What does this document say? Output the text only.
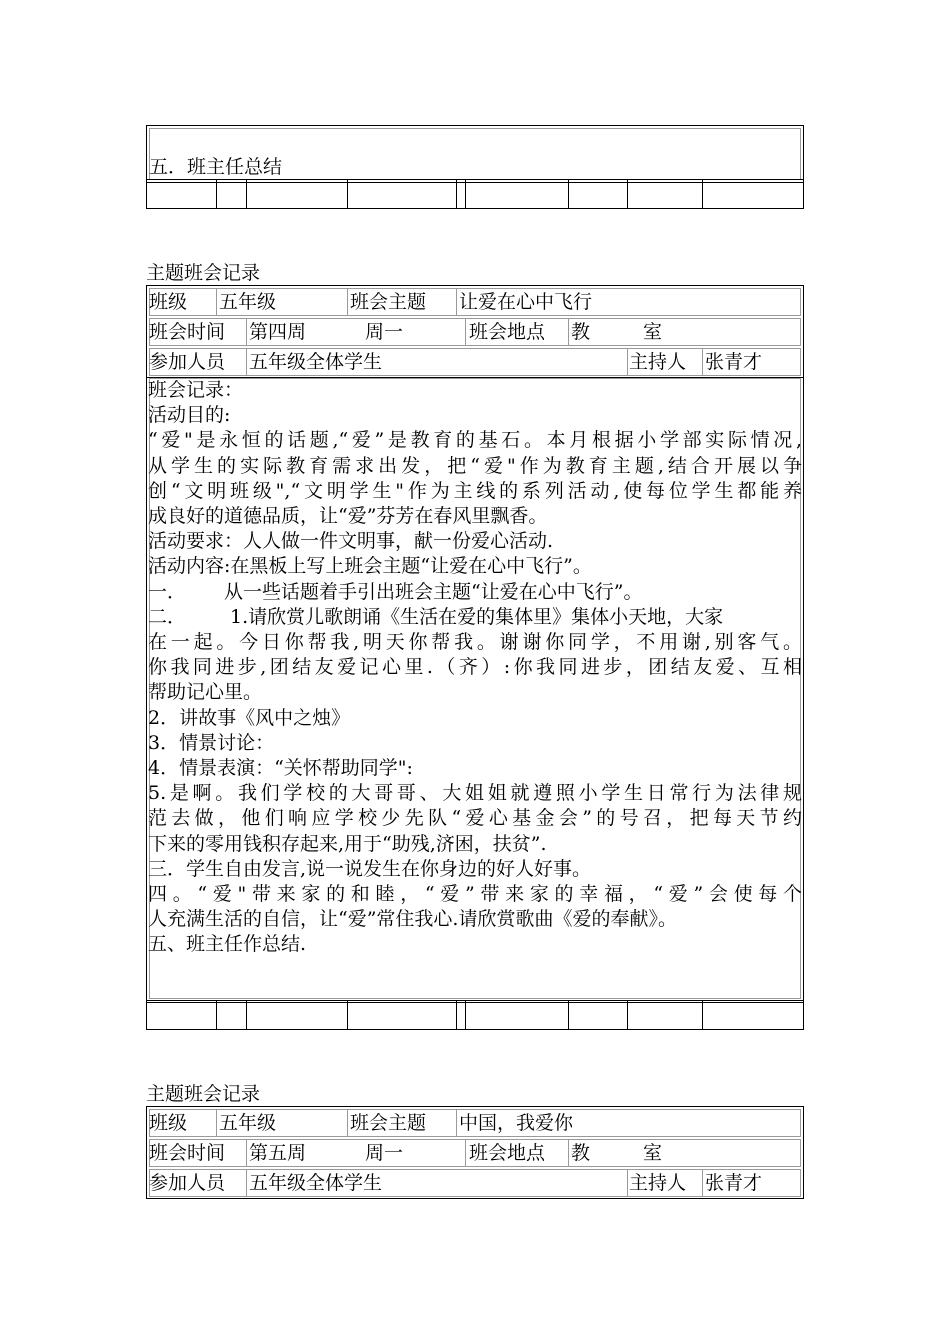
五．班主任总结
主题班会记录
班级 五年级	班会主题 让爱在心中飞行
班会时间 第四周	周一	班会地点 教	室
参加人员 五年级全体学生	主持人 张青才
班会记录：
活动目的:
“爱"是永恒的话题,“爱”是教育的基石。本月根据小学部实际情况,
从学生的实际教育需求出发，把“爱"作为教育主题,结合开展以争
创“文明班级",“文明学生"作为主线的系列活动,使每位学生都能养
成良好的道德品质，让“爱”芬芳在春风里飘香。
活动要求：人人做一件文明事，献一份爱心活动.
活动内容:在黑板上写上班会主题“让爱在心中飞行”。
一． 从一些话题着手引出班会主题“让爱在心中飞行”。
二． 1.请欣赏儿歌朗诵《生活在爱的集体里》集体小天地，大家
在一起。今日你帮我,明天你帮我。谢谢你同学，不用谢,别客气。
你我同进步,团结友爱记心里.（齐）:你我同进步，团结友爱、互相
帮助记心里。
2．讲故事《风中之烛》
3．情景讨论：
4．情景表演：“关怀帮助同学":
5.是啊。我们学校的大哥哥、大姐姐就遵照小学生日常行为法律规
范去做，他们响应学校少先队“爱心基金会”的号召，把每天节约
下来的零用钱积存起来,用于“助残,济困，扶贫”.
三．学生自由发言,说一说发生在你身边的好人好事。
四。“爱"带来家的和睦，“爱”带来家的幸福，“爱”会使每个
人充满生活的自信，让“爱”常住我心.请欣赏歌曲《爱的奉献》。
五、班主任作总结.
主题班会记录
班级 五年级	班会主题 中国，我爱你
班会时间 第五周	周一	班会地点 教	室
参加人员 五年级全体学生	主持人 张青才
